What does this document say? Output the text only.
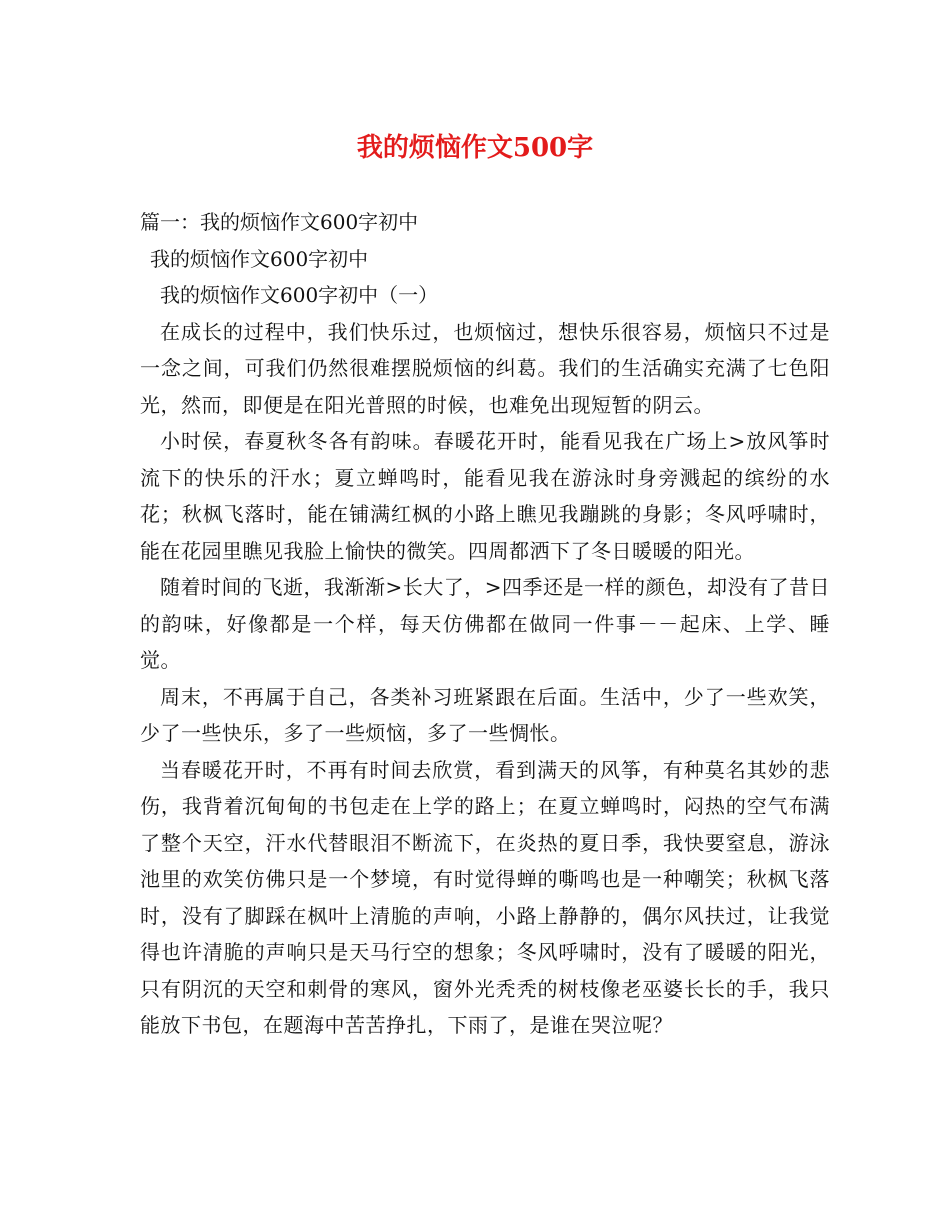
我的烦恼作文500字

篇一：我的烦恼作文600字初中

我的烦恼作文600字初中

我的烦恼作文600字初中（一）

在成长的过程中，我们快乐过，也烦恼过，想快乐很容易，烦恼只不过是一念之间，可我们仍然很难摆脱烦恼的纠葛。我们的生活确实充满了七色阳光，然而，即便是在阳光普照的时候，也难免出现短暂的阴云。

小时侯，春夏秋冬各有韵味。春暖花开时，能看见我在广场上>放风筝时流下的快乐的汗水；夏立蝉鸣时，能看见我在游泳时身旁溅起的缤纷的水花；秋枫飞落时，能在铺满红枫的小路上瞧见我蹦跳的身影；冬风呼啸时，能在花园里瞧见我脸上愉快的微笑。四周都洒下了冬日暖暖的阳光。

随着时间的飞逝，我渐渐>长大了，>四季还是一样的颜色，却没有了昔日的韵味，好像都是一个样，每天仿佛都在做同一件事－－起床、上学、睡觉。

周末，不再属于自己，各类补习班紧跟在后面。生活中，少了一些欢笑，少了一些快乐，多了一些烦恼，多了一些惆怅。

当春暖花开时，不再有时间去欣赏，看到满天的风筝，有种莫名其妙的悲伤，我背着沉甸甸的书包走在上学的路上；在夏立蝉鸣时，闷热的空气布满了整个天空，汗水代替眼泪不断流下，在炎热的夏日季，我快要窒息，游泳池里的欢笑仿佛只是一个梦境，有时觉得蝉的嘶鸣也是一种嘲笑；秋枫飞落时，没有了脚踩在枫叶上清脆的声响，小路上静静的，偶尔风扶过，让我觉得也许清脆的声响只是天马行空的想象；冬风呼啸时，没有了暖暖的阳光，只有阴沉的天空和刺骨的寒风，窗外光秃秃的树枝像老巫婆长长的手，我只能放下书包，在题海中苦苦挣扎，下雨了，是谁在哭泣呢？
